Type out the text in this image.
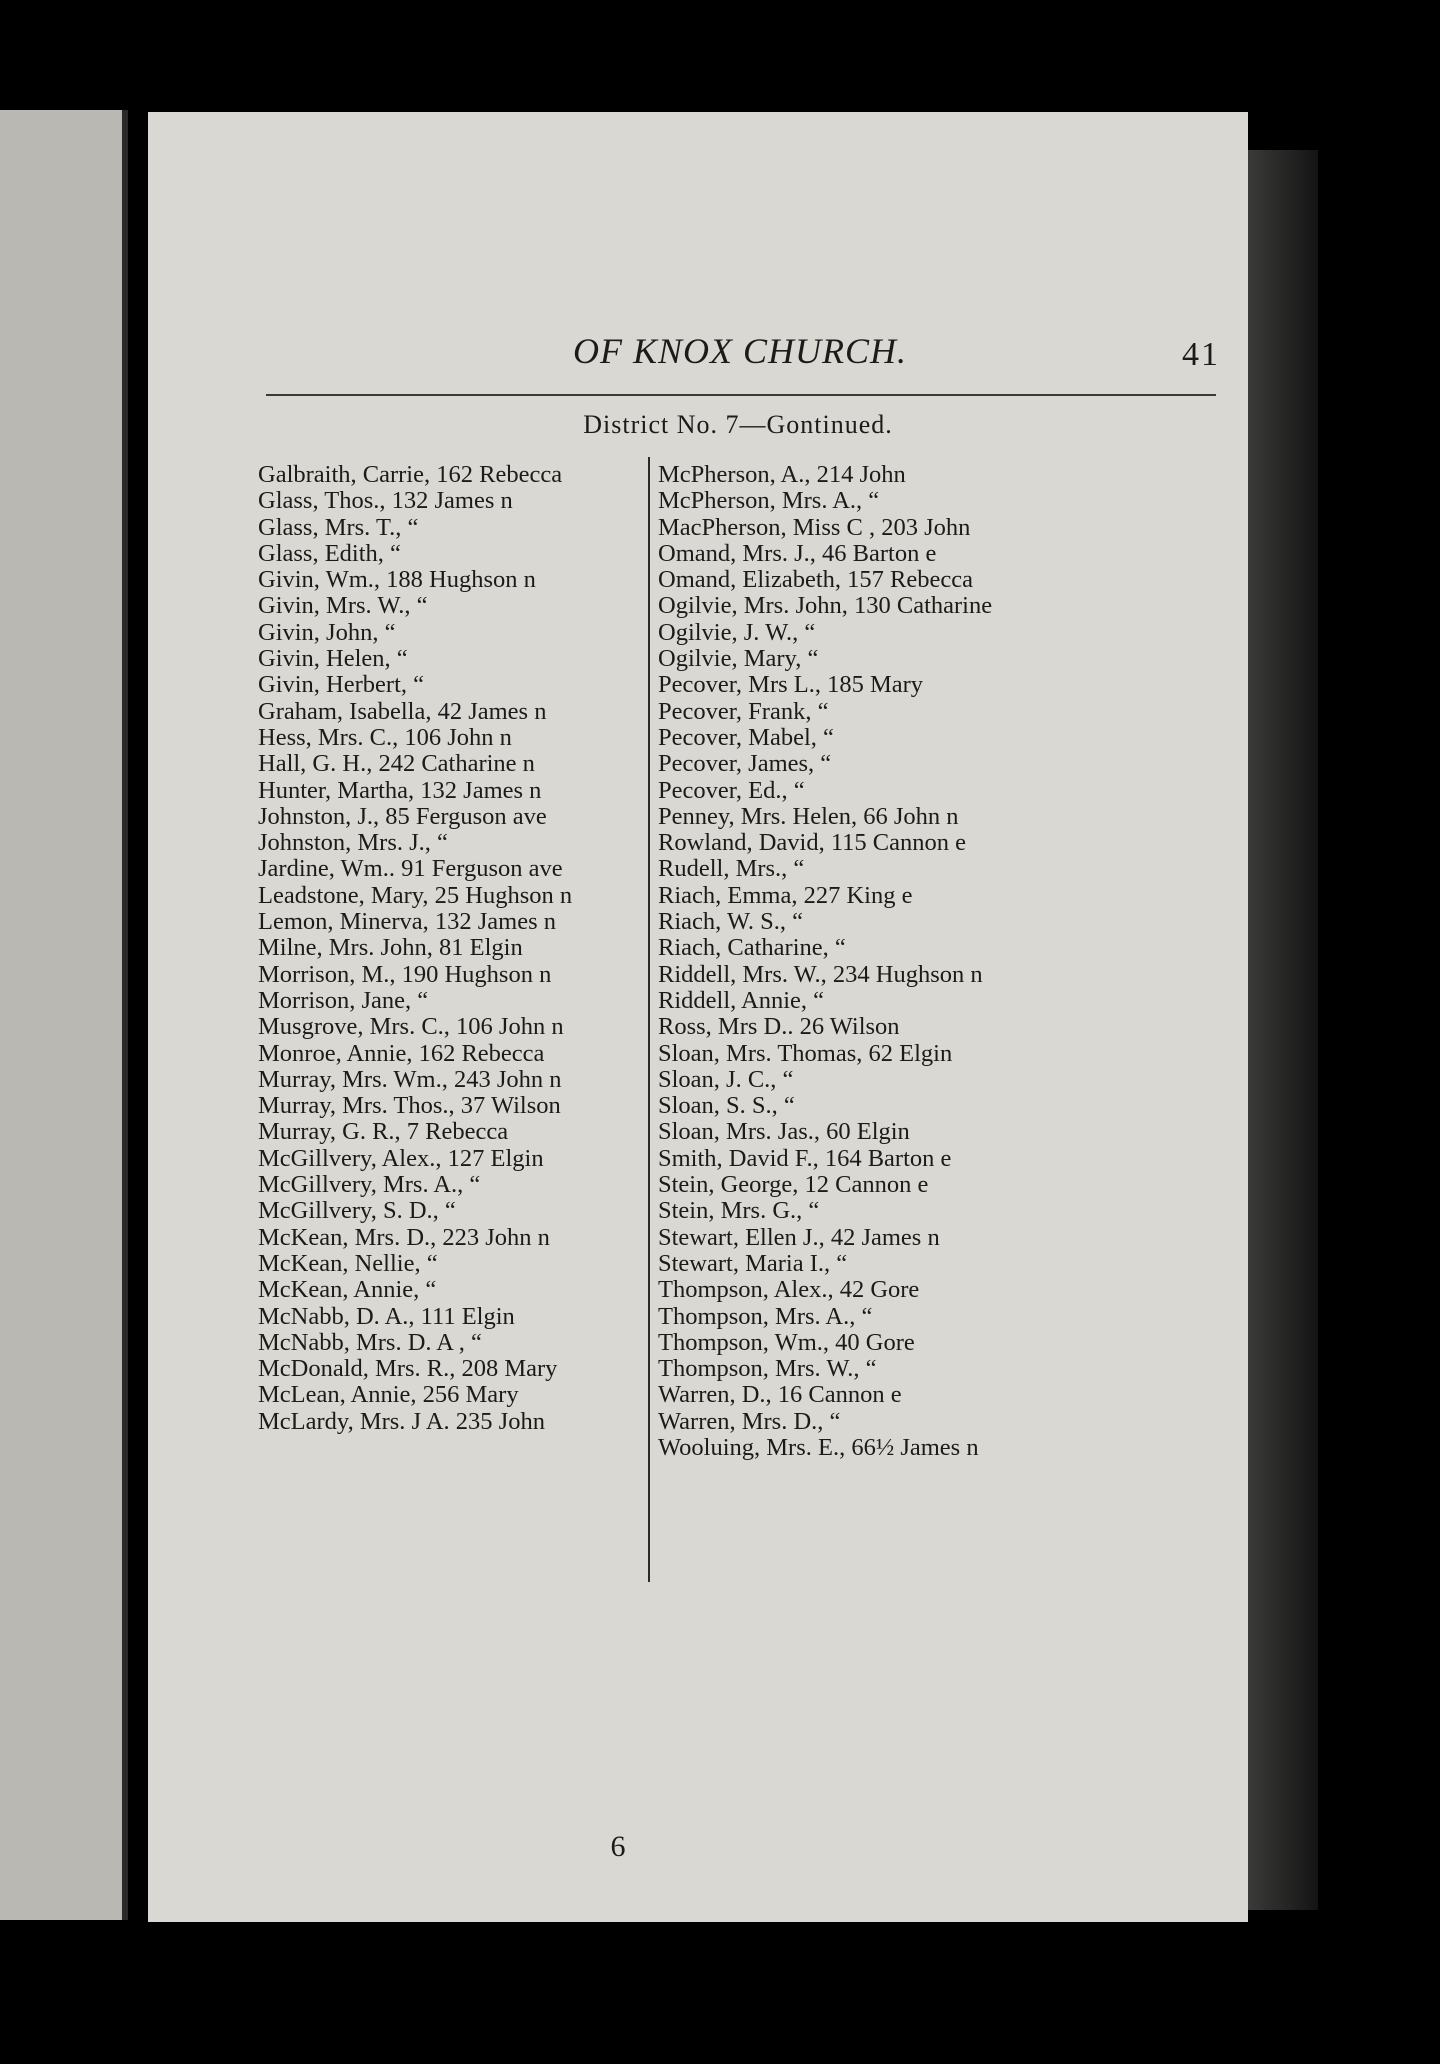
OF KNOX CHURCH.	41
District No. 7—Gontinued.
Galbraith, Carrie, 162 Rebecca
Glass, Thos., 132 James n
Glass, Mrs. T., “
Glass, Edith, “
Givin, Wm., 188 Hughson n
Givin, Mrs. W., “
Givin, John, “
Givin, Helen, “
Givin, Herbert, “
Graham, Isabella, 42 James n
Hess, Mrs. C., 106 John n
Hall, G. H., 242 Catharine n
Hunter, Martha, 132 James n
Johnston, J., 85 Ferguson ave
Johnston, Mrs. J., “
Jardine, Wm.. 91 Ferguson ave
Leadstone, Mary, 25 Hughson n
Lemon, Minerva, 132 James n
Milne, Mrs. John, 81 Elgin
Morrison, M., 190 Hughson n
Morrison, Jane, “
Musgrove, Mrs. C., 106 John n
Monroe, Annie, 162 Rebecca
Murray, Mrs. Wm., 243 John n
Murray, Mrs. Thos., 37 Wilson
Murray, G. R., 7 Rebecca
McGillvery, Alex., 127 Elgin
McGillvery, Mrs. A., “
McGillvery, S. D., “
McKean, Mrs. D., 223 John n
McKean, Nellie, “
McKean, Annie, “
McNabb, D. A., 111 Elgin
McNabb, Mrs. D. A , “
McDonald, Mrs. R., 208 Mary
McLean, Annie, 256 Mary
McLardy, Mrs. J A. 235 John
McPherson, A., 214 John
McPherson, Mrs. A., “
MacPherson, Miss C , 203 John
Omand, Mrs. J., 46 Barton e
Omand, Elizabeth, 157 Rebecca
Ogilvie, Mrs. John, 130 Catharine
Ogilvie, J. W., “
Ogilvie, Mary, “
Pecover, Mrs L., 185 Mary
Pecover, Frank, “
Pecover, Mabel, “
Pecover, James, “
Pecover, Ed., “
Penney, Mrs. Helen, 66 John n
Rowland, David, 115 Cannon e
Rudell, Mrs., “
Riach, Emma, 227 King e
Riach, W. S., “
Riach, Catharine, “
Riddell, Mrs. W., 234 Hughson n
Riddell, Annie, “
Ross, Mrs D.. 26 Wilson
Sloan, Mrs. Thomas, 62 Elgin
Sloan, J. C., “
Sloan, S. S., “
Sloan, Mrs. Jas., 60 Elgin
Smith, David F., 164 Barton e
Stein, George, 12 Cannon e
Stein, Mrs. G., “
Stewart, Ellen J., 42 James n
Stewart, Maria I., “
Thompson, Alex., 42 Gore
Thompson, Mrs. A., “
Thompson, Wm., 40 Gore
Thompson, Mrs. W., “
Warren, D., 16 Cannon e
Warren, Mrs. D., “
Wooluing, Mrs. E., 66½ James n
6
